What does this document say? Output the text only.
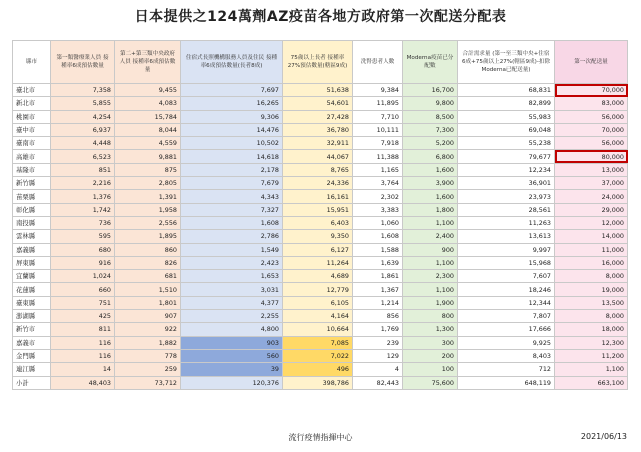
日本提供之124萬劑AZ疫苗各地方政府第一次配送分配表
縣市	第一類醫療業人員 接種率6成預估數量	第二+第三類中央政府人員 接種率6成預估數量	住宿式長照機構服務人員及住民 接種率6成預估數量(長者8成)	75歲以上長者 接種率27%預估數量(轄區9成)	洗腎患者人數	Moderna疫苗已分配數	合計需求量 (第一至三類中央+住宿6成+75歲以上27%(轄區9成)-扣除Moderna已配送量)	第一次配送量
臺北市	7,358	9,455	7,697	51,638	9,384	16,700	68,831	70,000
新北市	5,855	4,083	16,265	54,601	11,895	9,800	82,899	83,000
桃園市	4,254	15,784	9,306	27,428	7,710	8,500	55,983	56,000
臺中市	6,937	8,044	14,476	36,780	10,111	7,300	69,048	70,000
臺南市	4,448	4,559	10,502	32,911	7,918	5,200	55,238	56,000
高雄市	6,523	9,881	14,618	44,067	11,388	6,800	79,677	80,000
基隆市	851	875	2,178	8,765	1,165	1,600	12,234	13,000
新竹縣	2,216	2,805	7,679	24,336	3,764	3,900	36,901	37,000
苗栗縣	1,376	1,391	4,343	16,161	2,302	1,600	23,973	24,000
彰化縣	1,742	1,958	7,327	15,951	3,383	1,800	28,561	29,000
南投縣	736	2,556	1,608	6,403	1,060	1,100	11,263	12,000
雲林縣	595	1,895	2,786	9,350	1,608	2,400	13,613	14,000
嘉義縣	680	860	1,549	6,127	1,588	900	9,997	11,000
屏東縣	916	826	2,423	11,264	1,639	1,100	15,968	16,000
宜蘭縣	1,024	681	1,653	4,689	1,861	2,300	7,607	8,000
花蓮縣	660	1,510	3,031	12,779	1,367	1,100	18,246	19,000
臺東縣	751	1,801	4,377	6,105	1,214	1,900	12,344	13,500
澎湖縣	425	907	2,255	4,164	856	800	7,807	8,000
新竹市	811	922	4,800	10,664	1,769	1,300	17,666	18,000
嘉義市	116	1,882	903	7,085	239	300	9,925	12,300
金門縣	116	778	560	7,022	129	200	8,403	11,200
連江縣	14	259	39	496	4	100	712	1,100
小計	48,403	73,712	120,376	398,786	82,443	75,600	648,119	663,100
流行疫情指揮中心	2021/06/13
